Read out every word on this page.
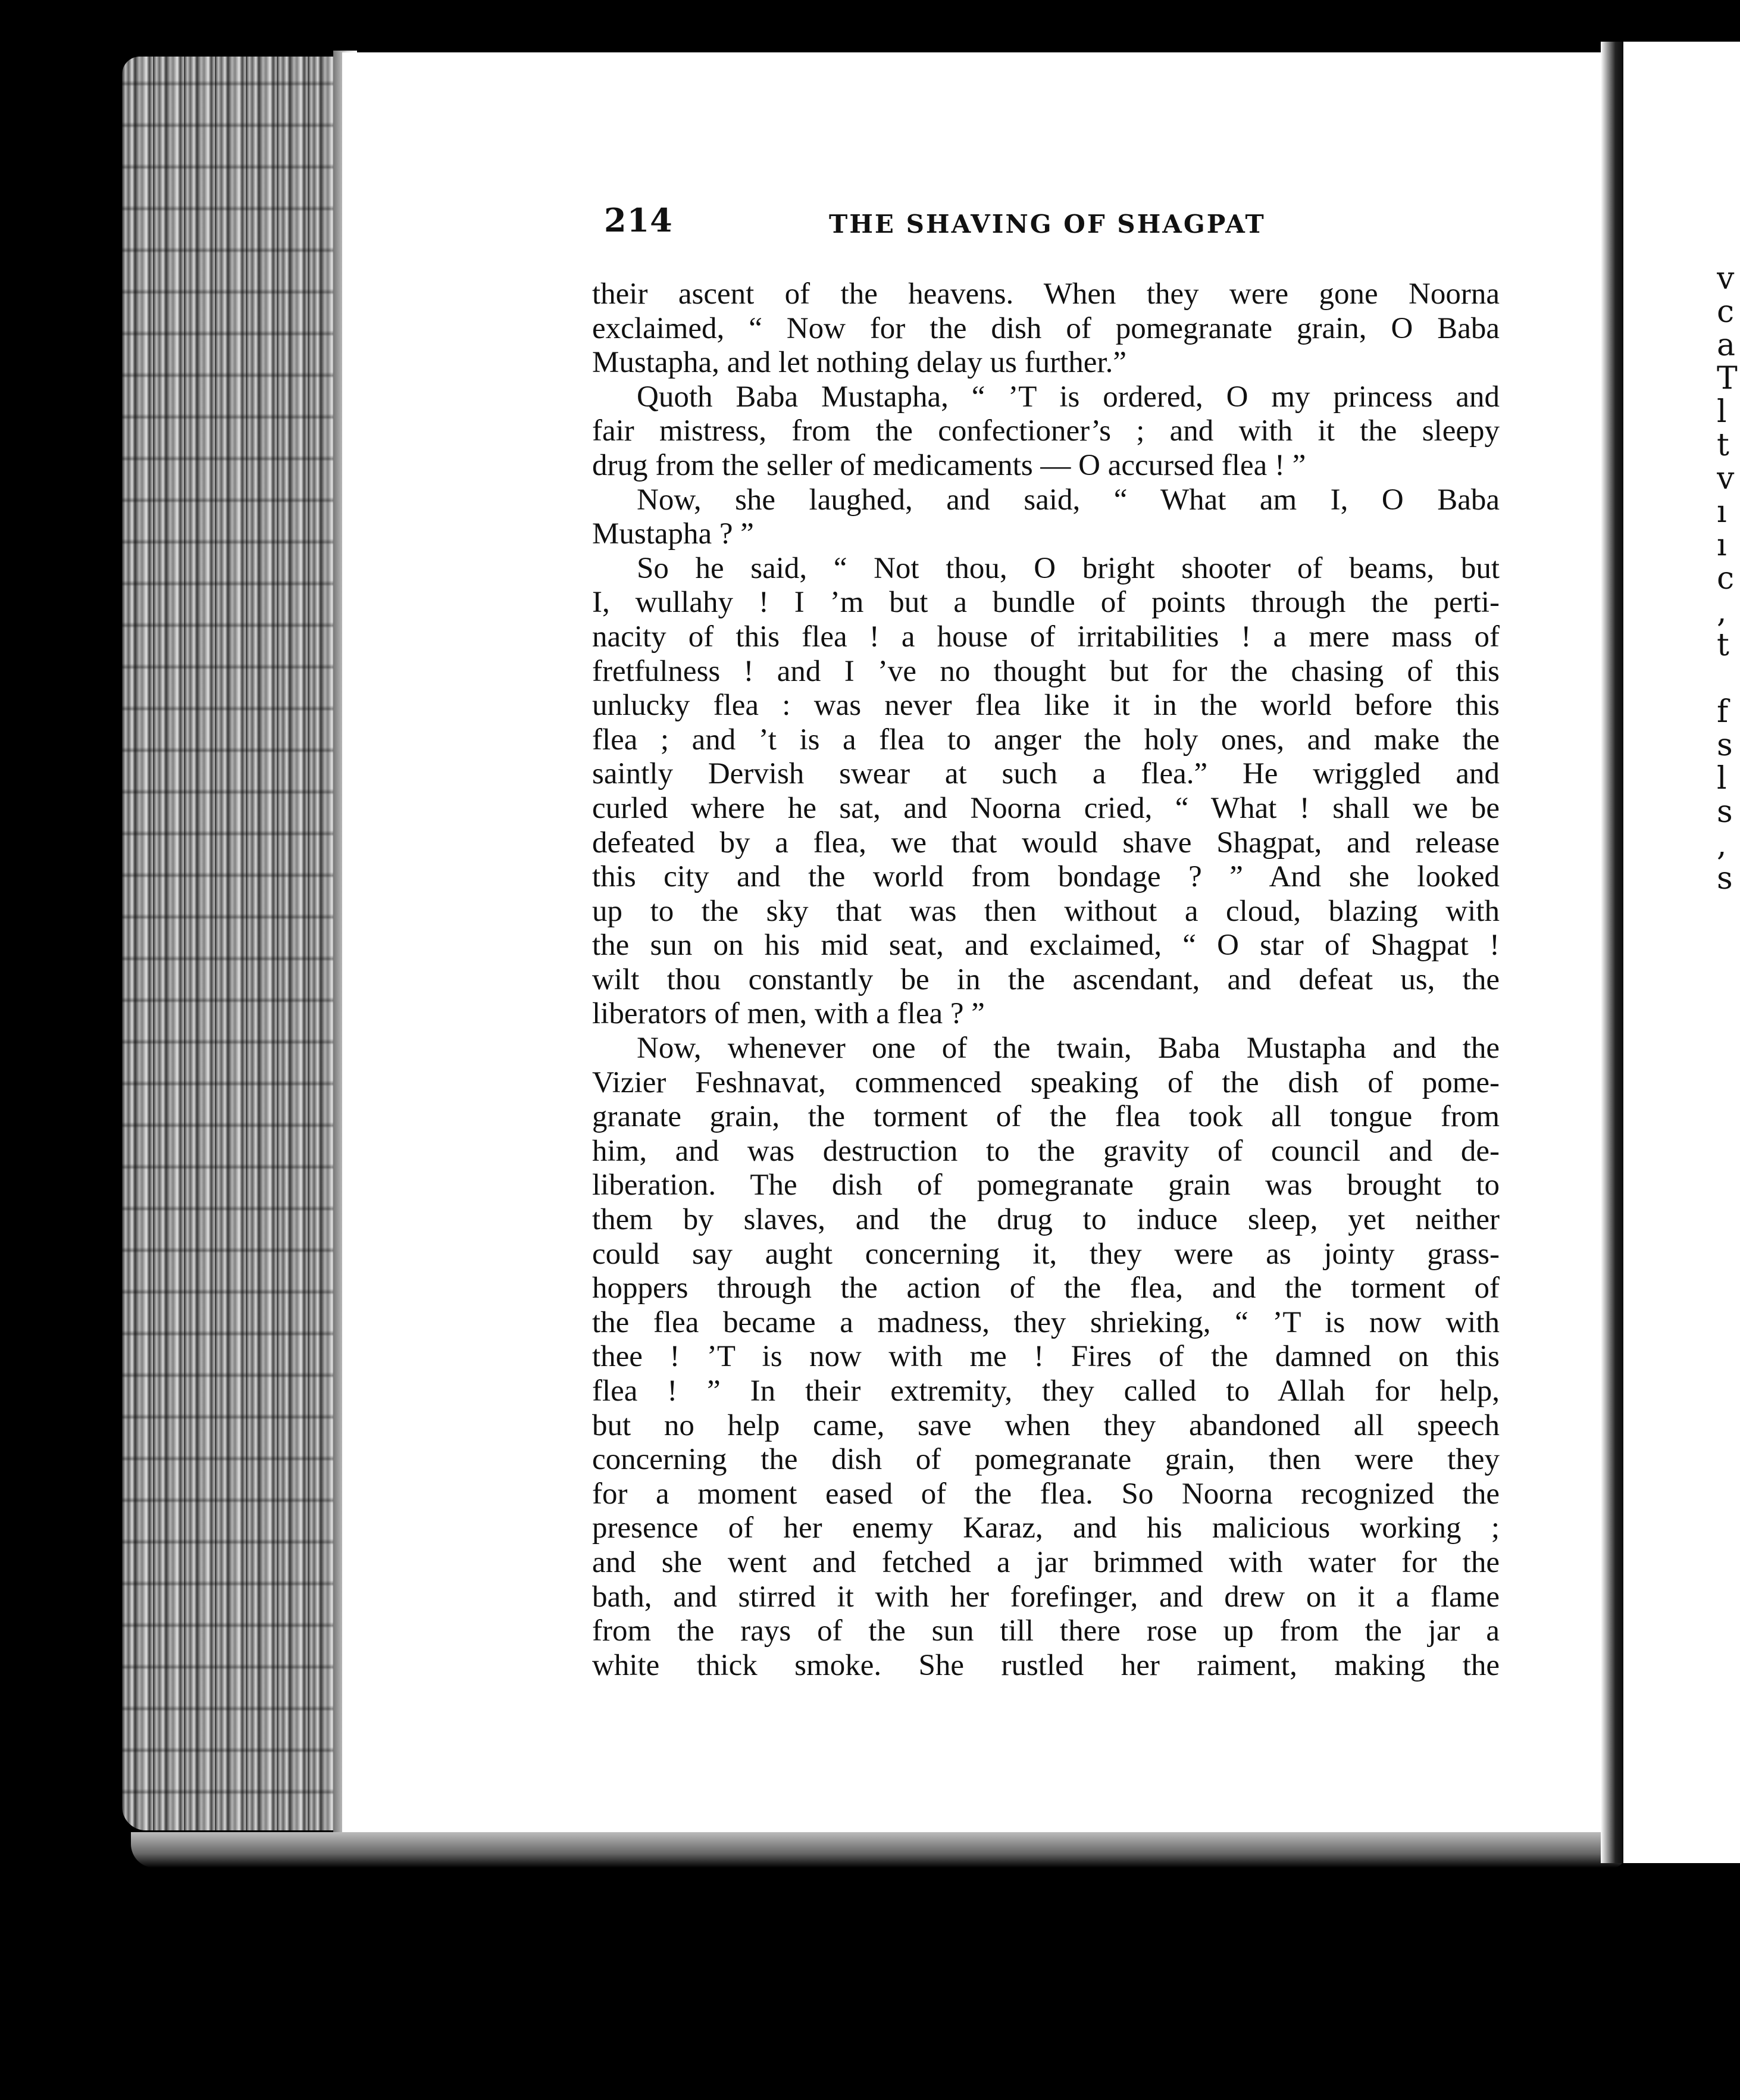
v
c
a
T
l
t
v
ı
ı
c
,
t

f
s
l
s
,
s
214	THE SHAVING OF SHAGPAT
their ascent of the heavens. When they were gone Noorna
exclaimed, “ Now for the dish of pomegranate grain, O Baba
Mustapha, and let nothing delay us further.”
Quoth Baba Mustapha, “ ’T is ordered, O my princess and
fair mistress, from the confectioner’s ; and with it the sleepy
drug from the seller of medicaments — O accursed flea ! ”
Now, she laughed, and said, “ What am I, O Baba
Mustapha ? ”
So he said, “ Not thou, O bright shooter of beams, but
I, wullahy ! I ’m but a bundle of points through the perti-
nacity of this flea ! a house of irritabilities ! a mere mass of
fretfulness ! and I ’ve no thought but for the chasing of this
unlucky flea : was never flea like it in the world before this
flea ; and ’t is a flea to anger the holy ones, and make the
saintly Dervish swear at such a flea.” He wriggled and
curled where he sat, and Noorna cried, “ What ! shall we be
defeated by a flea, we that would shave Shagpat, and release
this city and the world from bondage ? ” And she looked
up to the sky that was then without a cloud, blazing with
the sun on his mid seat, and exclaimed, “ O star of Shagpat !
wilt thou constantly be in the ascendant, and defeat us, the
liberators of men, with a flea ? ”
Now, whenever one of the twain, Baba Mustapha and the
Vizier Feshnavat, commenced speaking of the dish of pome-
granate grain, the torment of the flea took all tongue from
him, and was destruction to the gravity of council and de-
liberation. The dish of pomegranate grain was brought to
them by slaves, and the drug to induce sleep, yet neither
could say aught concerning it, they were as jointy grass-
hoppers through the action of the flea, and the torment of
the flea became a madness, they shrieking, “ ’T is now with
thee ! ’T is now with me ! Fires of the damned on this
flea ! ” In their extremity, they called to Allah for help,
but no help came, save when they abandoned all speech
concerning the dish of pomegranate grain, then were they
for a moment eased of the flea. So Noorna recognized the
presence of her enemy Karaz, and his malicious working ;
and she went and fetched a jar brimmed with water for the
bath, and stirred it with her forefinger, and drew on it a flame
from the rays of the sun till there rose up from the jar a
white thick smoke. She rustled her raiment, making the
